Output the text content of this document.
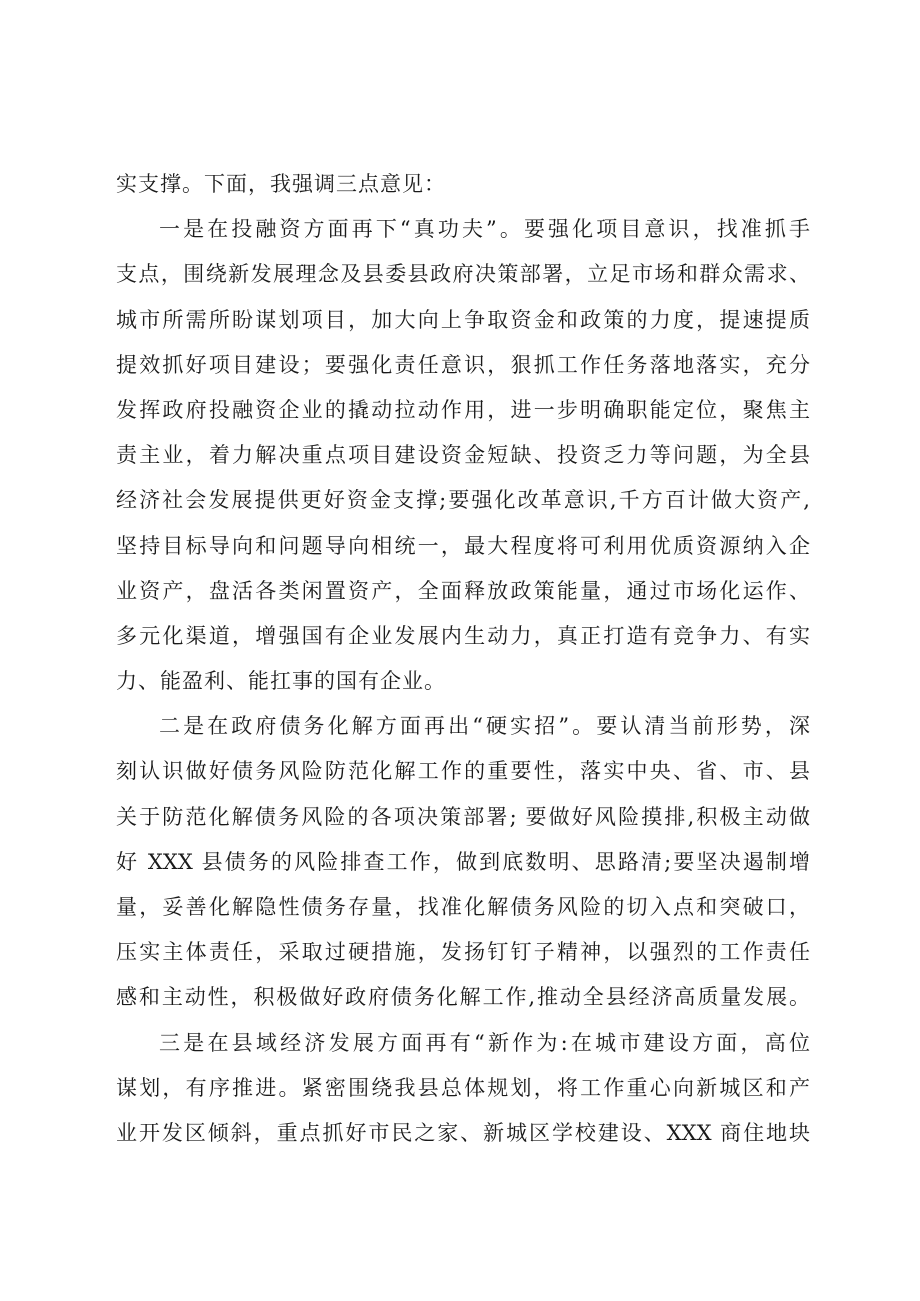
实支撑。下面，我强调三点意见：
一是在投融资方面再下“真功夫”。要强化项目意识，找准抓手
支点，围绕新发展理念及县委县政府决策部署，立足市场和群众需求、
城市所需所盼谋划项目，加大向上争取资金和政策的力度，提速提质
提效抓好项目建设；要强化责任意识，狠抓工作任务落地落实，充分
发挥政府投融资企业的撬动拉动作用，进一步明确职能定位，聚焦主
责主业，着力解决重点项目建设资金短缺、投资乏力等问题，为全县
经济社会发展提供更好资金支撑;要强化改革意识,千方百计做大资产,
坚持目标导向和问题导向相统一，最大程度将可利用优质资源纳入企
业资产，盘活各类闲置资产，全面释放政策能量，通过市场化运作、
多元化渠道，增强国有企业发展内生动力，真正打造有竞争力、有实
力、能盈利、能扛事的国有企业。
二是在政府债务化解方面再出“硬实招”。要认清当前形势，深
刻认识做好债务风险防范化解工作的重要性，落实中央、省、市、县
关于防范化解债务风险的各项决策部署; 要做好风险摸排,积极主动做
好 XXX 县债务的风险排查工作，做到底数明、思路清;要坚决遏制增
量，妥善化解隐性债务存量，找准化解债务风险的切入点和突破口，
压实主体责任，采取过硬措施，发扬钉钉子精神，以强烈的工作责任
感和主动性，积极做好政府债务化解工作,推动全县经济高质量发展。
三是在县域经济发展方面再有“新作为:在城市建设方面，高位
谋划，有序推进。紧密围绕我县总体规划，将工作重心向新城区和产
业开发区倾斜，重点抓好市民之家、新城区学校建设、XXX 商住地块
